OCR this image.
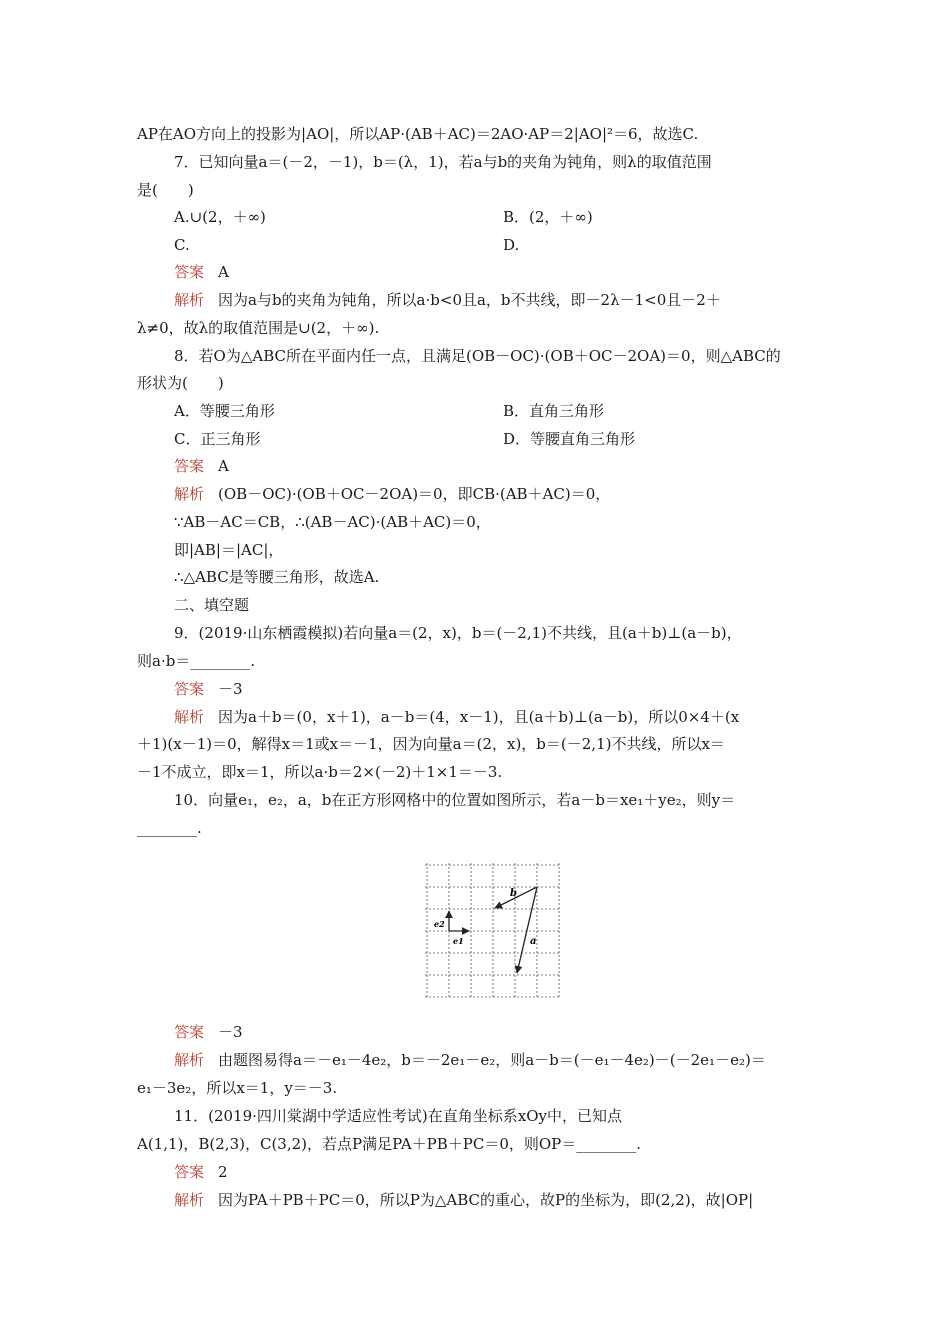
AP在AO方向上的投影为|AO|，所以AP·(AB＋AC)＝2AO·AP＝2|AO|²＝6，故选C.
7．已知向量a＝(－2，－1)，b＝(λ，1)，若a与b的夹角为钝角，则λ的取值范围
是(　　)
A.∪(2，＋∞)	B．(2，＋∞)
C.	D.
答案 A
解析 因为a与b的夹角为钝角，所以a·b<0且a，b不共线，即－2λ－1<0且－2＋
λ≠0，故λ的取值范围是∪(2，＋∞).
8．若O为△ABC所在平面内任一点，且满足(OB－OC)·(OB＋OC－2OA)＝0，则△ABC的
形状为(　　)
A．等腰三角形	B．直角三角形
C．正三角形	D．等腰直角三角形
答案 A
解析 (OB－OC)·(OB＋OC－2OA)＝0，即CB·(AB＋AC)＝0，
∵AB－AC＝CB，∴(AB－AC)·(AB＋AC)＝0，
即|AB|＝|AC|，
∴△ABC是等腰三角形，故选A.
二、填空题
9．(2019·山东栖霞模拟)若向量a＝(2，x)，b＝(－2,1)不共线，且(a＋b)⊥(a－b)，
则a·b＝________.
答案 －3
解析 因为a＋b＝(0，x＋1)，a－b＝(4，x－1)，且(a＋b)⊥(a－b)，所以0×4＋(x
＋1)(x－1)＝0，解得x＝1或x＝－1，因为向量a＝(2，x)，b＝(－2,1)不共线，所以x＝
－1不成立，即x＝1，所以a·b＝2×(－2)＋1×1＝－3.
10．向量e₁，e₂，a，b在正方形网格中的位置如图所示，若a－b＝xe₁＋ye₂，则y＝
________.
b
a
e1
e2
答案 －3
解析 由题图易得a＝－e₁－4e₂，b＝－2e₁－e₂，则a－b＝(－e₁－4e₂)－(－2e₁－e₂)＝
e₁－3e₂，所以x＝1，y＝－3.
11．(2019·四川棠湖中学适应性考试)在直角坐标系xOy中，已知点
A(1,1)，B(2,3)，C(3,2)，若点P满足PA＋PB＋PC＝0，则OP＝________.
答案 2
解析 因为PA＋PB＋PC＝0，所以P为△ABC的重心，故P的坐标为，即(2,2)，故|OP|
